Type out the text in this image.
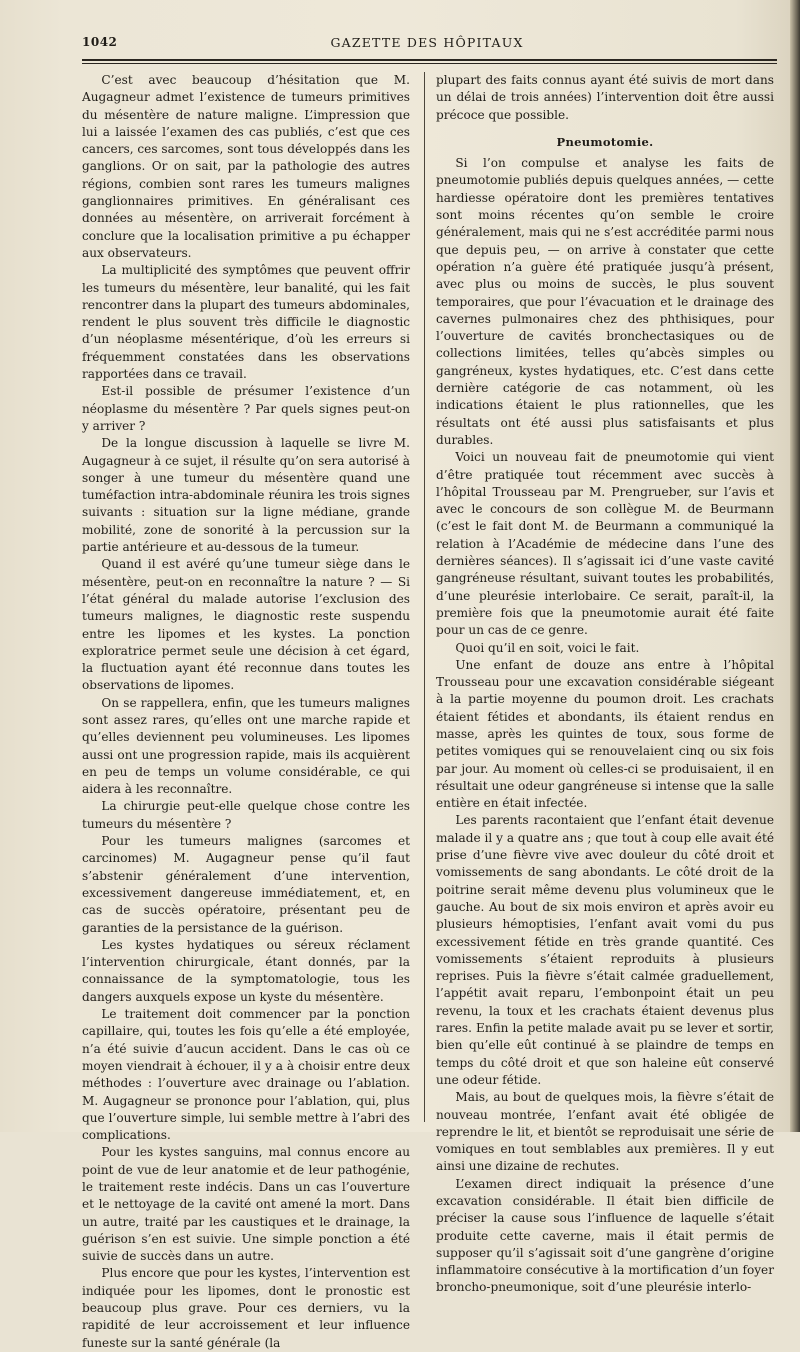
1042	GAZETTE DES HÔPITAUX

C’est avec beaucoup d’hésitation que M. Augagneur admet l’existence de tumeurs primitives du mésentère de nature maligne. L’impression que lui a laissée l’examen des cas publiés, c’est que ces cancers, ces sarcomes, sont tous développés dans les ganglions. Or on sait, par la pathologie des autres régions, combien sont rares les tumeurs malignes ganglionnaires primitives. En généralisant ces données au mésentère, on arriverait forcément à conclure que la localisation primitive a pu échapper aux observateurs.

La multiplicité des symptômes que peuvent offrir les tumeurs du mésentère, leur banalité, qui les fait rencontrer dans la plupart des tumeurs abdominales, rendent le plus souvent très difficile le diagnostic d’un néoplasme mésentérique, d’où les erreurs si fréquemment constatées dans les observations rapportées dans ce travail.

Est-il possible de présumer l’existence d’un néoplasme du mésentère ? Par quels signes peut-on y arriver ?

De la longue discussion à laquelle se livre M. Augagneur à ce sujet, il résulte qu’on sera autorisé à songer à une tumeur du mésentère quand une tuméfaction intra-abdominale réunira les trois signes suivants : situation sur la ligne médiane, grande mobilité, zone de sonorité à la percussion sur la partie antérieure et au-dessous de la tumeur.

Quand il est avéré qu’une tumeur siège dans le mésentère, peut-on en reconnaître la nature ? — Si l’état général du malade autorise l’exclusion des tumeurs malignes, le diagnostic reste suspendu entre les lipomes et les kystes. La ponction exploratrice permet seule une décision à cet égard, la fluctuation ayant été reconnue dans toutes les observations de lipomes.

On se rappellera, enfin, que les tumeurs malignes sont assez rares, qu’elles ont une marche rapide et qu’elles deviennent peu volumineuses. Les lipomes aussi ont une progression rapide, mais ils acquièrent en peu de temps un volume considérable, ce qui aidera à les reconnaître.

La chirurgie peut-elle quelque chose contre les tumeurs du mésentère ?

Pour les tumeurs malignes (sarcomes et carcinomes) M. Augagneur pense qu’il faut s’abstenir généralement d’une intervention, excessivement dangereuse immédiatement, et, en cas de succès opératoire, présentant peu de garanties de la persistance de la guérison.

Les kystes hydatiques ou séreux réclament l’intervention chirurgicale, étant donnés, par la connaissance de la symptomatologie, tous les dangers auxquels expose un kyste du mésentère.

Le traitement doit commencer par la ponction capillaire, qui, toutes les fois qu’elle a été employée, n’a été suivie d’aucun accident. Dans le cas où ce moyen viendrait à échouer, il y a à choisir entre deux méthodes : l’ouverture avec drainage ou l’ablation. M. Augagneur se prononce pour l’ablation, qui, plus que l’ouverture simple, lui semble mettre à l’abri des complications.

Pour les kystes sanguins, mal connus encore au point de vue de leur anatomie et de leur pathogénie, le traitement reste indécis. Dans un cas l’ouverture et le nettoyage de la cavité ont amené la mort. Dans un autre, traité par les caustiques et le drainage, la guérison s’en est suivie. Une simple ponction a été suivie de succès dans un autre.

Plus encore que pour les kystes, l’intervention est indiquée pour les lipomes, dont le pronostic est beaucoup plus grave. Pour ces derniers, vu la rapidité de leur accroissement et leur influence funeste sur la santé générale (la

plupart des faits connus ayant été suivis de mort dans un délai de trois années) l’intervention doit être aussi précoce que possible.

Pneumotomie.

Si l’on compulse et analyse les faits de pneumotomie publiés depuis quelques années, — cette hardiesse opératoire dont les premières tentatives sont moins récentes qu’on semble le croire généralement, mais qui ne s’est accréditée parmi nous que depuis peu, — on arrive à constater que cette opération n’a guère été pratiquée jusqu’à présent, avec plus ou moins de succès, le plus souvent temporaires, que pour l’évacuation et le drainage des cavernes pulmonaires chez des phthisiques, pour l’ouverture de cavités bronchectasiques ou de collections limitées, telles qu’abcès simples ou gangréneux, kystes hydatiques, etc. C’est dans cette dernière catégorie de cas notamment, où les indications étaient le plus rationnelles, que les résultats ont été aussi plus satisfaisants et plus durables.

Voici un nouveau fait de pneumotomie qui vient d’être pratiquée tout récemment avec succès à l’hôpital Trousseau par M. Prengrueber, sur l’avis et avec le concours de son collègue M. de Beurmann (c’est le fait dont M. de Beurmann a communiqué la relation à l’Académie de médecine dans l’une des dernières séances). Il s’agissait ici d’une vaste cavité gangréneuse résultant, suivant toutes les probabilités, d’une pleurésie interlobaire. Ce serait, paraît-il, la première fois que la pneumotomie aurait été faite pour un cas de ce genre.

Quoi qu’il en soit, voici le fait.

Une enfant de douze ans entre à l’hôpital Trousseau pour une excavation considérable siégeant à la partie moyenne du poumon droit. Les crachats étaient fétides et abondants, ils étaient rendus en masse, après les quintes de toux, sous forme de petites vomiques qui se renouvelaient cinq ou six fois par jour. Au moment où celles-ci se produisaient, il en résultait une odeur gangréneuse si intense que la salle entière en était infectée.

Les parents racontaient que l’enfant était devenue malade il y a quatre ans ; que tout à coup elle avait été prise d’une fièvre vive avec douleur du côté droit et vomissements de sang abondants. Le côté droit de la poitrine serait même devenu plus volumineux que le gauche. Au bout de six mois environ et après avoir eu plusieurs hémoptisies, l’enfant avait vomi du pus excessivement fétide en très grande quantité. Ces vomissements s’étaient reproduits à plusieurs reprises. Puis la fièvre s’était calmée graduellement, l’appétit avait reparu, l’embonpoint était un peu revenu, la toux et les crachats étaient devenus plus rares. Enfin la petite malade avait pu se lever et sortir, bien qu’elle eût continué à se plaindre de temps en temps du côté droit et que son haleine eût conservé une odeur fétide.

Mais, au bout de quelques mois, la fièvre s’était de nouveau montrée, l’enfant avait été obligée de reprendre le lit, et bientôt se reproduisait une série de vomiques en tout semblables aux premières. Il y eut ainsi une dizaine de rechutes.

L’examen direct indiquait la présence d’une excavation considérable. Il était bien difficile de préciser la cause sous l’influence de laquelle s’était produite cette caverne, mais il était permis de supposer qu’il s’agissait soit d’une gangrène d’origine inflammatoire consécutive à la mortification d’un foyer broncho-pneumonique, soit d’une pleurésie interlo-
